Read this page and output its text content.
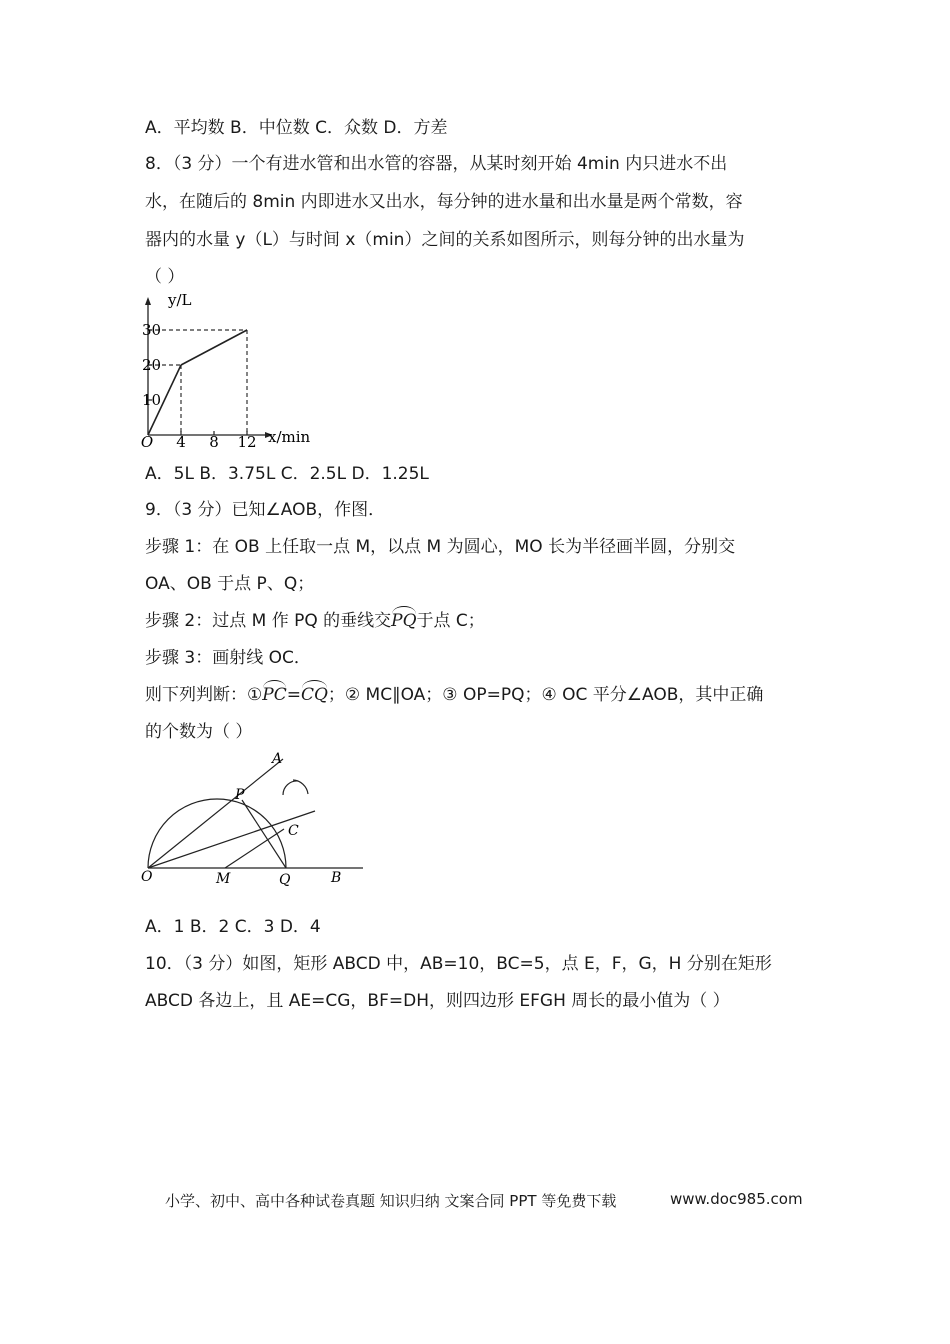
A．平均数 B．中位数 C．众数 D．方差
8．（3 分）一个有进水管和出水管的容器，从某时刻开始 4min 内只进水不出
水，在随后的 8min 内即进水又出水，每分钟的进水量和出水量是两个常数，容
器内的水量 y（L）与时间 x（min）之间的关系如图所示，则每分钟的出水量为
（ ）
10
20
30
4 8 12
O
y/L
x/min
A．5L B．3.75L C．2.5L D．1.25L
9．（3 分）已知∠AOB，作图．
步骤 1：在 OB 上任取一点 M，以点 M 为圆心，MO 长为半径画半圆，分别交
OA、OB 于点 P、Q；
步骤 2：过点 M 作 PQ 的垂线交PQ于点 C；
步骤 3：画射线 OC．
则下列判断：①PC=CQ；② MC∥OA；③ OP=PQ；④ OC 平分∠AOB，其中正确
的个数为（ ）
A
P
C
O	M	Q	B
A．1 B．2 C．3 D．4
10．（3 分）如图，矩形 ABCD 中，AB=10，BC=5，点 E，F，G，H 分别在矩形
ABCD 各边上，且 AE=CG，BF=DH，则四边形 EFGH 周长的最小值为（ ）
小学、初中、高中各种试卷真题 知识归纳 文案合同 PPT 等免费下载	www.doc985.com
